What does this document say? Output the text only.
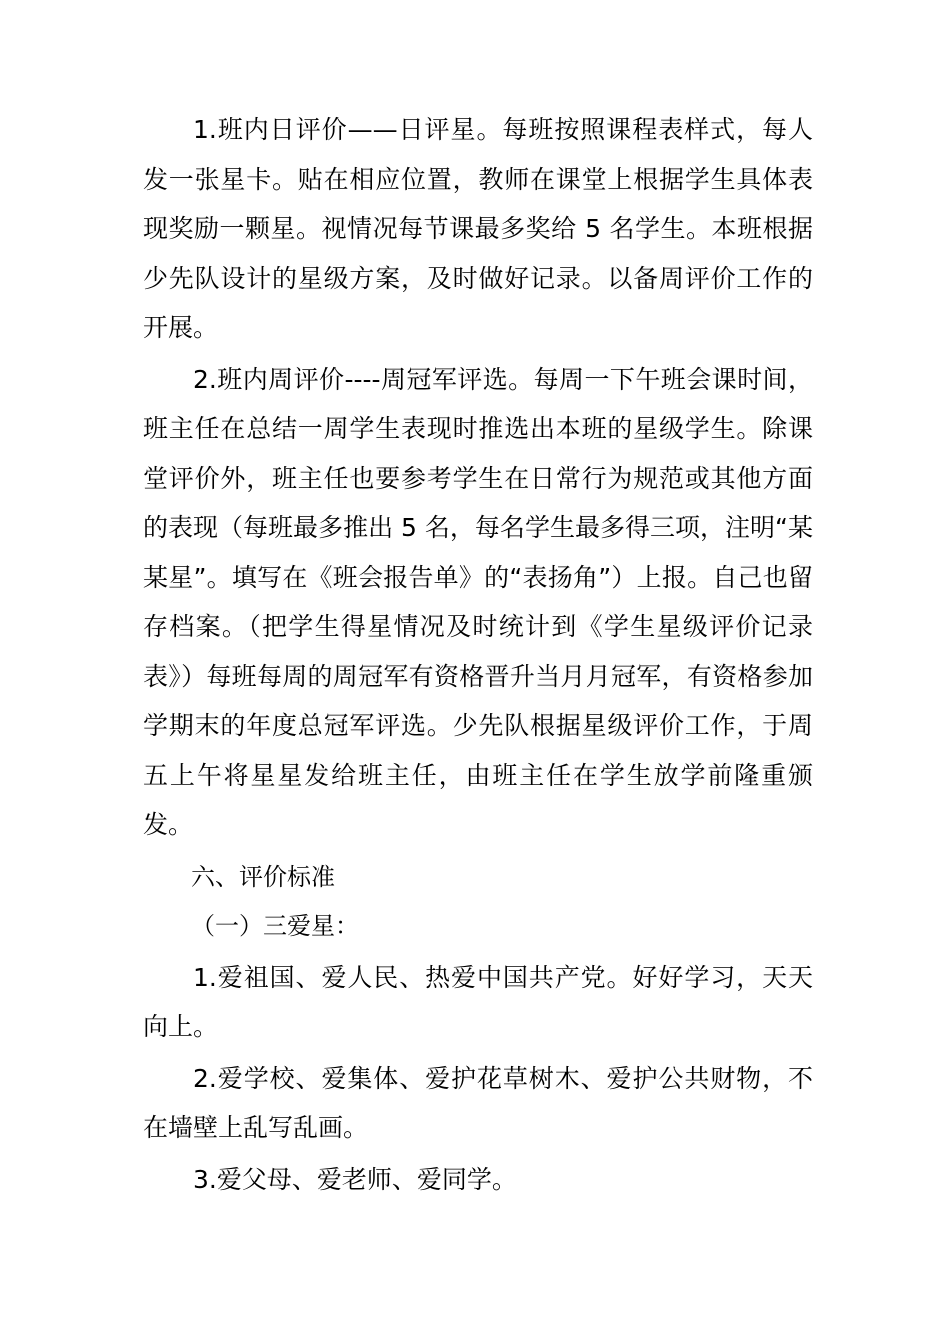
1.班内日评价——日评星。每班按照课程表样式，每人发一张星卡。贴在相应位置，教师在课堂上根据学生具体表现奖励一颗星。视情况每节课最多奖给 5 名学生。本班根据少先队设计的星级方案，及时做好记录。以备周评价工作的开展。

2.班内周评价----周冠军评选。每周一下午班会课时间，班主任在总结一周学生表现时推选出本班的星级学生。除课堂评价外，班主任也要参考学生在日常行为规范或其他方面的表现（每班最多推出 5 名，每名学生最多得三项，注明“某某星”。填写在《班会报告单》的“表扬角”）上报。自己也留存档案。（把学生得星情况及时统计到《学生星级评价记录表》）每班每周的周冠军有资格晋升当月月冠军，有资格参加学期末的年度总冠军评选。少先队根据星级评价工作，于周五上午将星星发给班主任，由班主任在学生放学前隆重颁发。

六、评价标准

（一）三爱星：

1.爱祖国、爱人民、热爱中国共产党。好好学习，天天向上。

2.爱学校、爱集体、爱护花草树木、爱护公共财物，不在墙壁上乱写乱画。

3.爱父母、爱老师、爱同学。
